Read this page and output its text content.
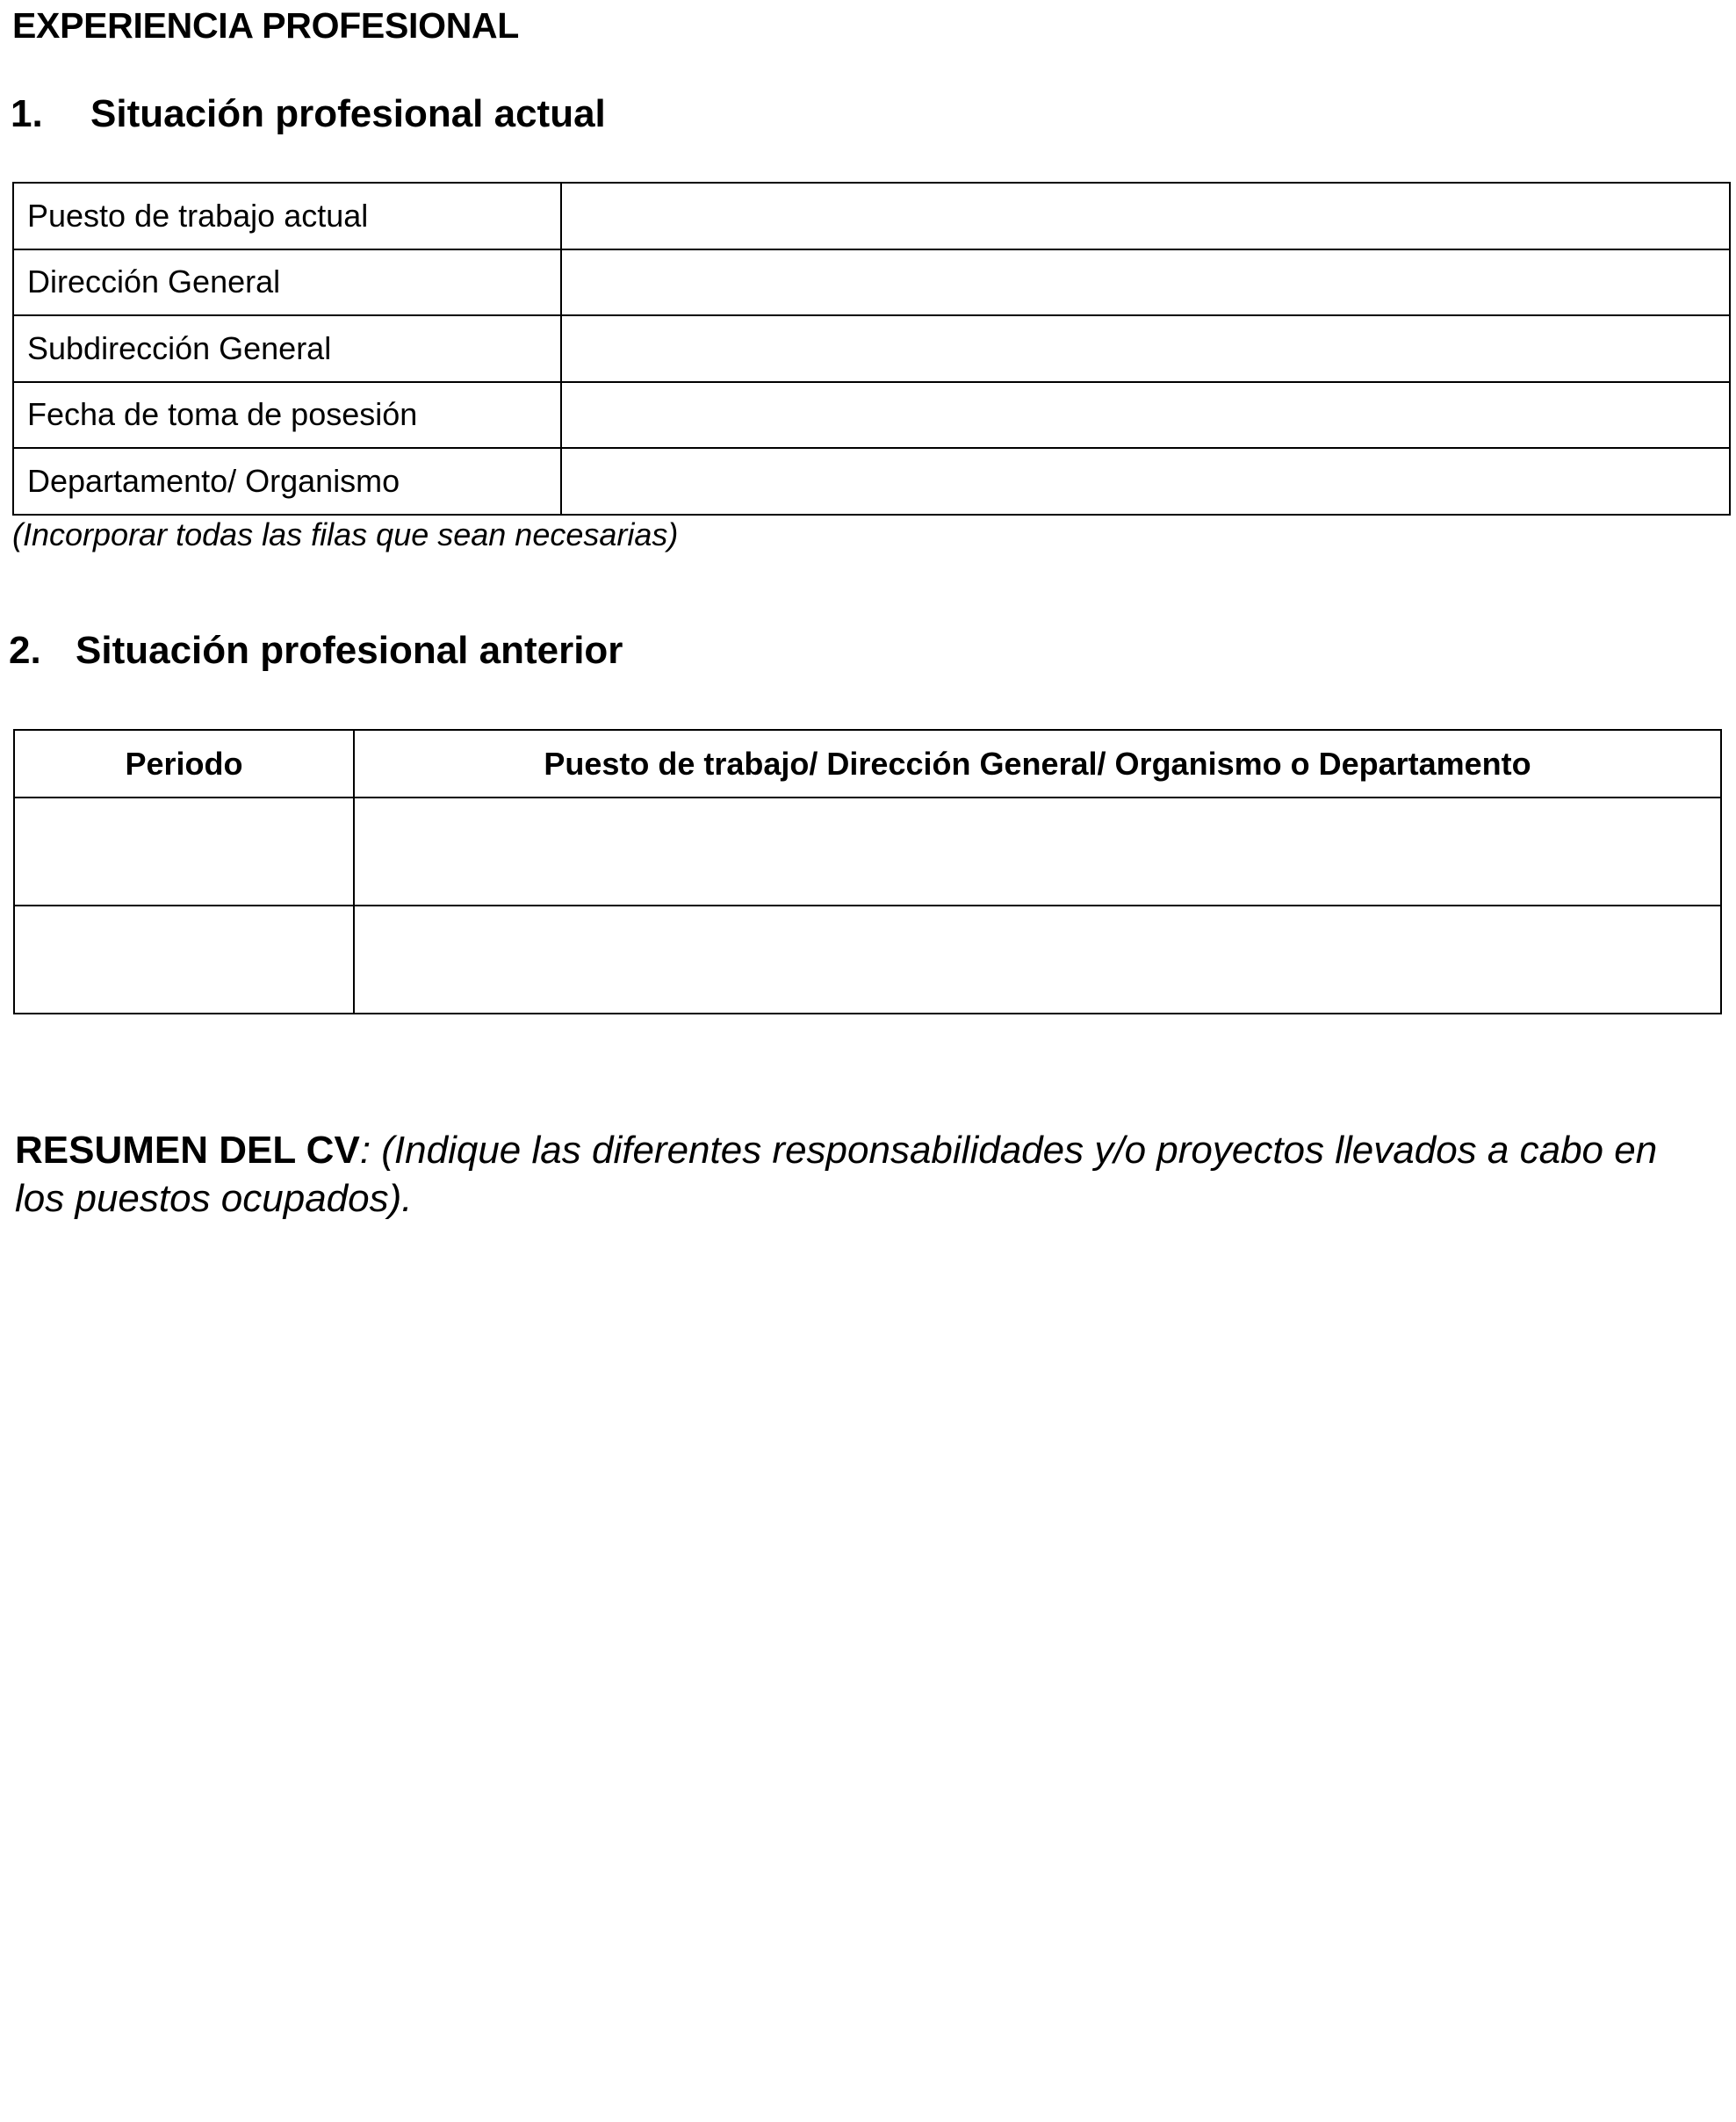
EXPERIENCIA PROFESIONAL
1. Situación profesional actual
Puesto de trabajo actual	
Dirección General	
Subdirección General	
Fecha de toma de posesión	
Departamento/ Organismo	
(Incorporar todas las filas que sean necesarias)
2. Situación profesional anterior
Periodo	Puesto de trabajo/ Dirección General/ Organismo o Departamento

RESUMEN DEL CV: (Indique las diferentes responsabilidades y/o proyectos llevados a cabo en los puestos ocupados).
